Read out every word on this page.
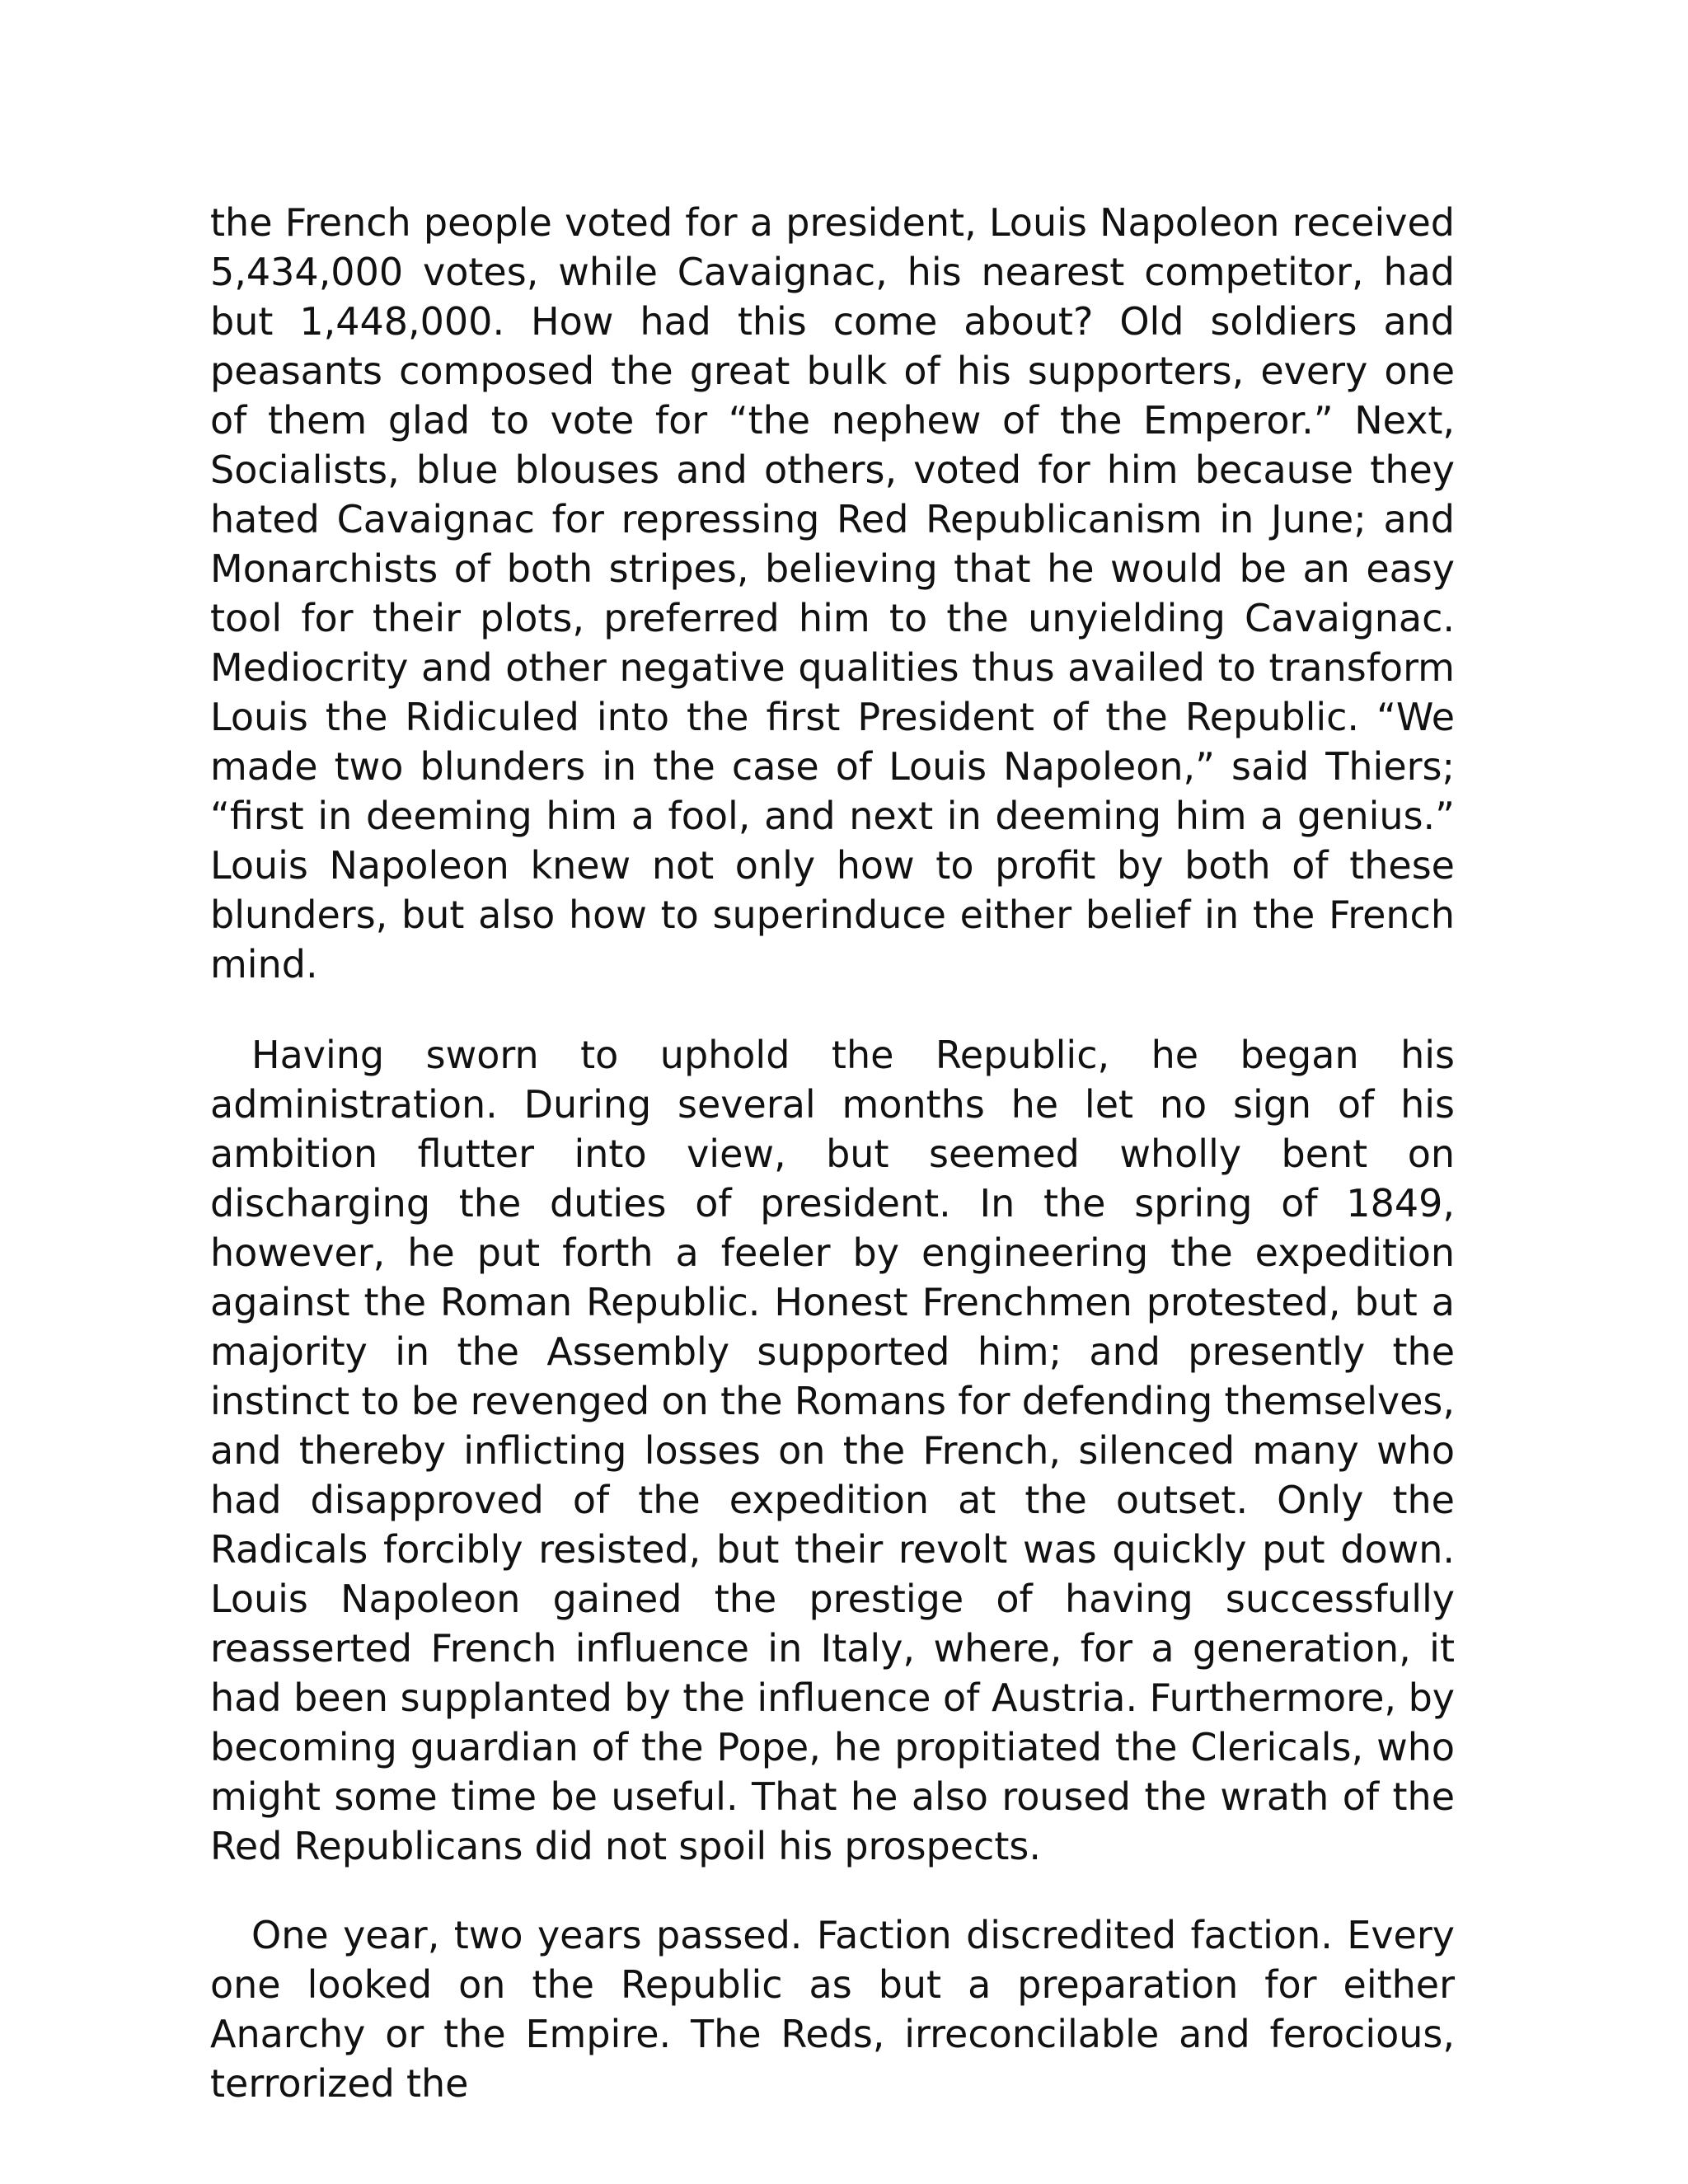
the French people voted for a president, Louis Napoleon received 5,434,000 votes, while Cavaignac, his nearest competitor, had but 1,448,000. How had this come about? Old soldiers and peasants composed the great bulk of his supporters, every one of them glad to vote for “the nephew of the Emperor.” Next, Socialists, blue blouses and others, voted for him because they hated Cavaignac for repressing Red Republicanism in June; and Monarchists of both stripes, believing that he would be an easy tool for their plots, preferred him to the unyielding Cavaignac. Mediocrity and other negative qualities thus availed to transform Louis the Ridiculed into the first President of the Republic. “We made two blunders in the case of Louis Napoleon,” said Thiers; “first in deeming him a fool, and next in deeming him a genius.” Louis Napoleon knew not only how to profit by both of these blunders, but also how to superinduce either belief in the French mind.

Having sworn to uphold the Republic, he began his administration. During several months he let no sign of his ambition flutter into view, but seemed wholly bent on discharging the duties of president. In the spring of 1849, however, he put forth a feeler by engineering the expedition against the Roman Republic. Honest Frenchmen protested, but a majority in the Assembly supported him; and presently the instinct to be revenged on the Romans for defending themselves, and thereby inflicting losses on the French, silenced many who had disapproved of the expedition at the outset. Only the Radicals forcibly resisted, but their revolt was quickly put down. Louis Napoleon gained the prestige of having successfully reasserted French influence in Italy, where, for a generation, it had been supplanted by the influence of Austria. Furthermore, by becoming guardian of the Pope, he propitiated the Clericals, who might some time be useful. That he also roused the wrath of the Red Republicans did not spoil his prospects.

One year, two years passed. Faction discredited faction. Every one looked on the Republic as but a preparation for either Anarchy or the Empire. The Reds, irreconcilable and ferocious, terrorized the
